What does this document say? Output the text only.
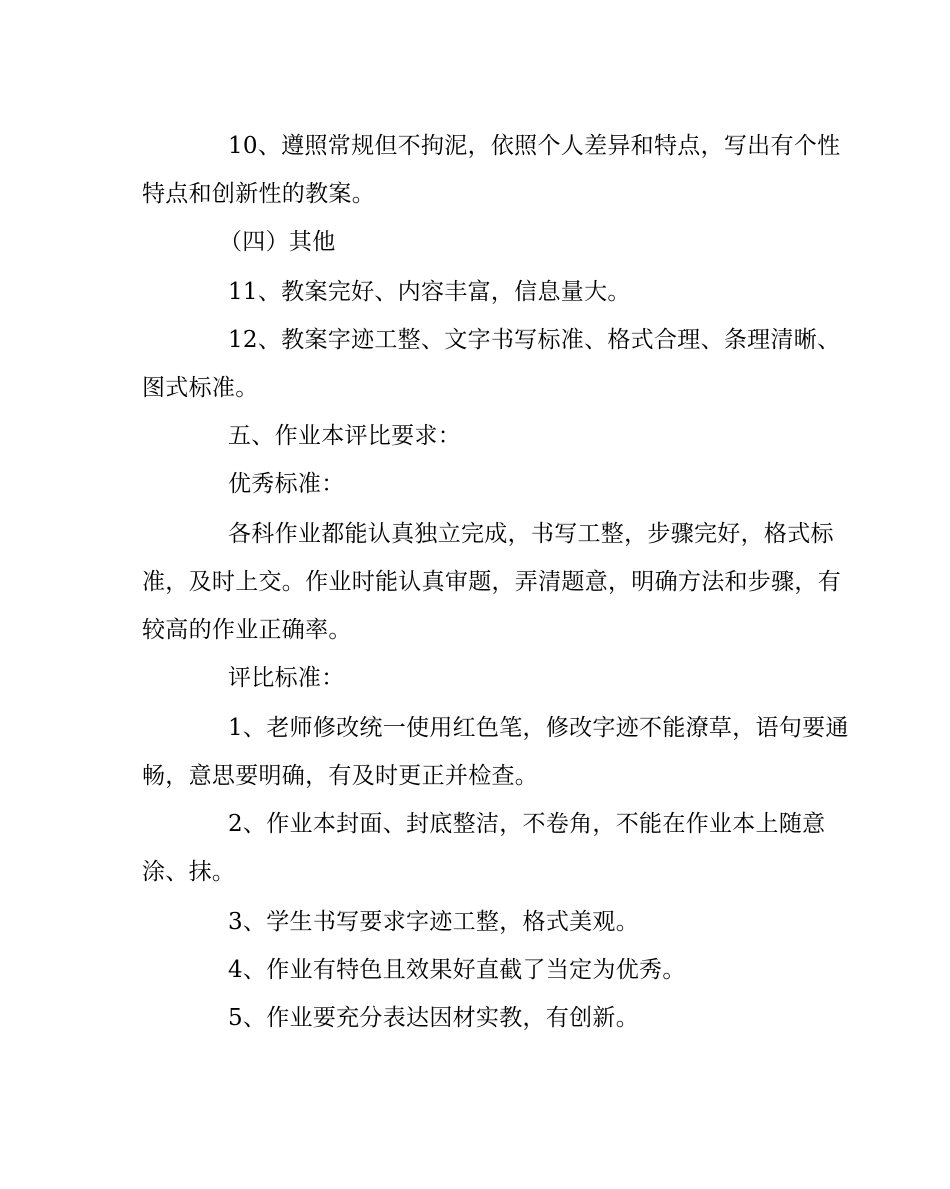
10、遵照常规但不拘泥，依照个人差异和特点，写出有个性
特点和创新性的教案。
（四）其他
11、教案完好、内容丰富，信息量大。
12、教案字迹工整、文字书写标准、格式合理、条理清晰、
图式标准。
五、作业本评比要求：
优秀标准：
各科作业都能认真独立完成，书写工整，步骤完好，格式标
准，及时上交。作业时能认真审题，弄清题意，明确方法和步骤，有
较高的作业正确率。
评比标准：
1、老师修改统一使用红色笔，修改字迹不能潦草，语句要通
畅，意思要明确，有及时更正并检查。
2、作业本封面、封底整洁，不卷角，不能在作业本上随意
涂、抹。
3、学生书写要求字迹工整，格式美观。
4、作业有特色且效果好直截了当定为优秀。
5、作业要充分表达因材实教，有创新。
